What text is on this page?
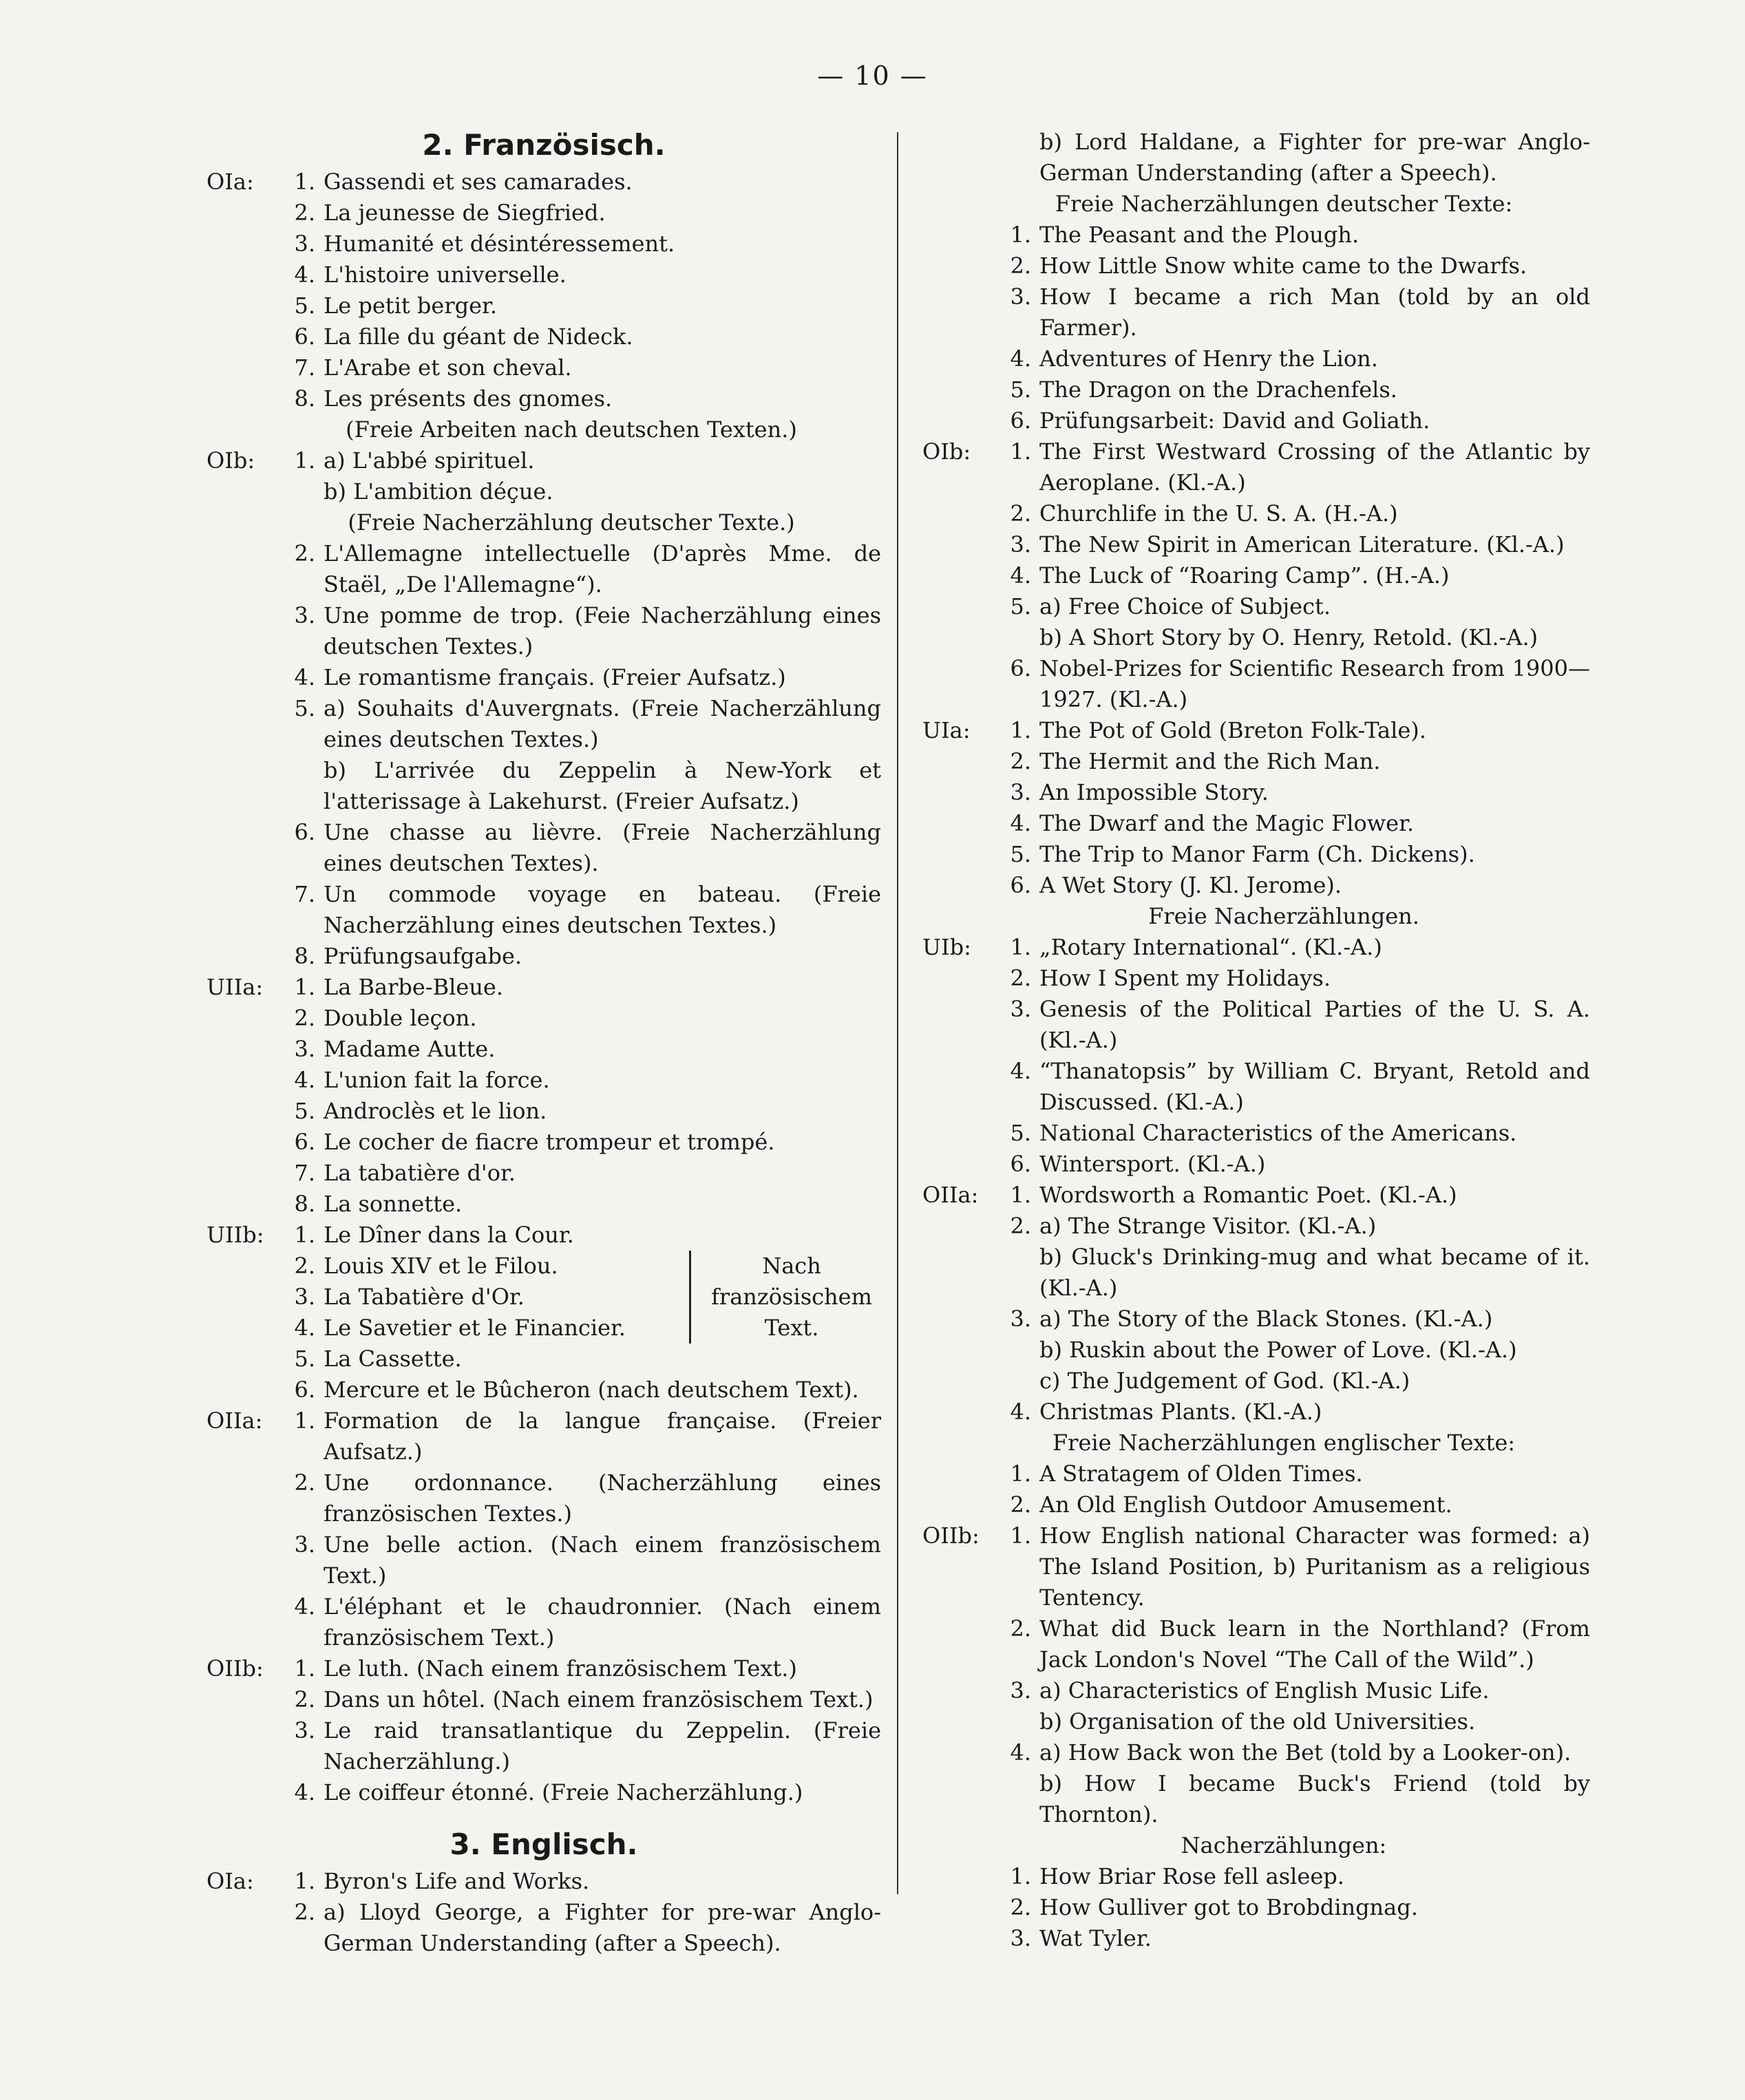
— 10 —
2. Französisch.
OIa:	1. Gassendi et ses camarades.
2. La jeunesse de Siegfried.
3. Humanité et désintéressement.
4. L'histoire universelle.
5. Le petit berger.
6. La fille du géant de Nideck.
7. L'Arabe et son cheval.
8. Les présents des gnomes.
(Freie Arbeiten nach deutschen Texten.)
OIb:	1. a) L'abbé spirituel.
b) L'ambition déçue.
(Freie Nacherzählung deutscher Texte.)
2. L'Allemagne intellectuelle (D'après Mme. de Staël, „De l'Allemagne“).
3. Une pomme de trop. (Feie Nacherzählung eines deutschen Textes.)
4. Le romantisme français. (Freier Aufsatz.)
5. a) Souhaits d'Auvergnats. (Freie Nacherzählung eines deutschen Textes.)
b) L'arrivée du Zeppelin à New-York et l'atterissage à Lakehurst. (Freier Aufsatz.)
6. Une chasse au lièvre. (Freie Nacherzählung eines deutschen Textes).
7. Un commode voyage en bateau. (Freie Nacherzählung eines deutschen Textes.)
8. Prüfungsaufgabe.
UIIa:	1. La Barbe-Bleue.
2. Double leçon.
3. Madame Autte.
4. L'union fait la force.
5. Androclès et le lion.
6. Le cocher de fiacre trompeur et trompé.
7. La tabatière d'or.
8. La sonnette.
UIIb:	1. Le Dîner dans la Cour.
2. Louis XIV et le Filou.
3. La Tabatière d'Or.
4. Le Savetier et le Financier.
5. La Cassette.
Nach französischem Text.
6. Mercure et le Bûcheron (nach deutschem Text).
OIIa:	1. Formation de la langue française. (Freier Aufsatz.)
2. Une ordonnance. (Nacherzählung eines französischen Textes.)
3. Une belle action. (Nach einem französischem Text.)
4. L'éléphant et le chaudronnier. (Nach einem französischem Text.)
OIIb:	1. Le luth. (Nach einem französischem Text.)
2. Dans un hôtel. (Nach einem französischem Text.)
3. Le raid transatlantique du Zeppelin. (Freie Nacherzählung.)
4. Le coiffeur étonné. (Freie Nacherzählung.)
3. Englisch.
OIa:	1. Byron's Life and Works.
2. a) Lloyd George, a Fighter for pre-war Anglo-German Understanding (after a Speech).
b) Lord Haldane, a Fighter for pre-war Anglo-German Understanding (after a Speech).
Freie Nacherzählungen deutscher Texte:
1. The Peasant and the Plough.
2. How Little Snow white came to the Dwarfs.
3. How I became a rich Man (told by an old Farmer).
4. Adventures of Henry the Lion.
5. The Dragon on the Drachenfels.
6. Prüfungsarbeit: David and Goliath.
OIb:	1. The First Westward Crossing of the Atlantic by Aeroplane. (Kl.-A.)
2. Churchlife in the U. S. A. (H.-A.)
3. The New Spirit in American Literature. (Kl.-A.)
4. The Luck of “Roaring Camp”. (H.-A.)
5. a) Free Choice of Subject.
b) A Short Story by O. Henry, Retold. (Kl.-A.)
6. Nobel-Prizes for Scientific Research from 1900—1927. (Kl.-A.)
UIa:	1. The Pot of Gold (Breton Folk-Tale).
2. The Hermit and the Rich Man.
3. An Impossible Story.
4. The Dwarf and the Magic Flower.
5. The Trip to Manor Farm (Ch. Dickens).
6. A Wet Story (J. Kl. Jerome).
Freie Nacherzählungen.
UIb:	1. „Rotary International“. (Kl.-A.)
2. How I Spent my Holidays.
3. Genesis of the Political Parties of the U. S. A. (Kl.-A.)
4. “Thanatopsis” by William C. Bryant, Retold and Discussed. (Kl.-A.)
5. National Characteristics of the Americans.
6. Wintersport. (Kl.-A.)
OIIa:	1. Wordsworth a Romantic Poet. (Kl.-A.)
2. a) The Strange Visitor. (Kl.-A.)
b) Gluck's Drinking-mug and what became of it. (Kl.-A.)
3. a) The Story of the Black Stones. (Kl.-A.)
b) Ruskin about the Power of Love. (Kl.-A.)
c) The Judgement of God. (Kl.-A.)
4. Christmas Plants. (Kl.-A.)
Freie Nacherzählungen englischer Texte:
1. A Stratagem of Olden Times.
2. An Old English Outdoor Amusement.
OIIb:	1. How English national Character was formed: a) The Island Position, b) Puritanism as a religious Tentency.
2. What did Buck learn in the Northland? (From Jack London's Novel “The Call of the Wild”.)
3. a) Characteristics of English Music Life.
b) Organisation of the old Universities.
4. a) How Back won the Bet (told by a Looker-on).
b) How I became Buck's Friend (told by Thornton).
Nacherzählungen:
1. How Briar Rose fell asleep.
2. How Gulliver got to Brobdingnag.
3. Wat Tyler.
